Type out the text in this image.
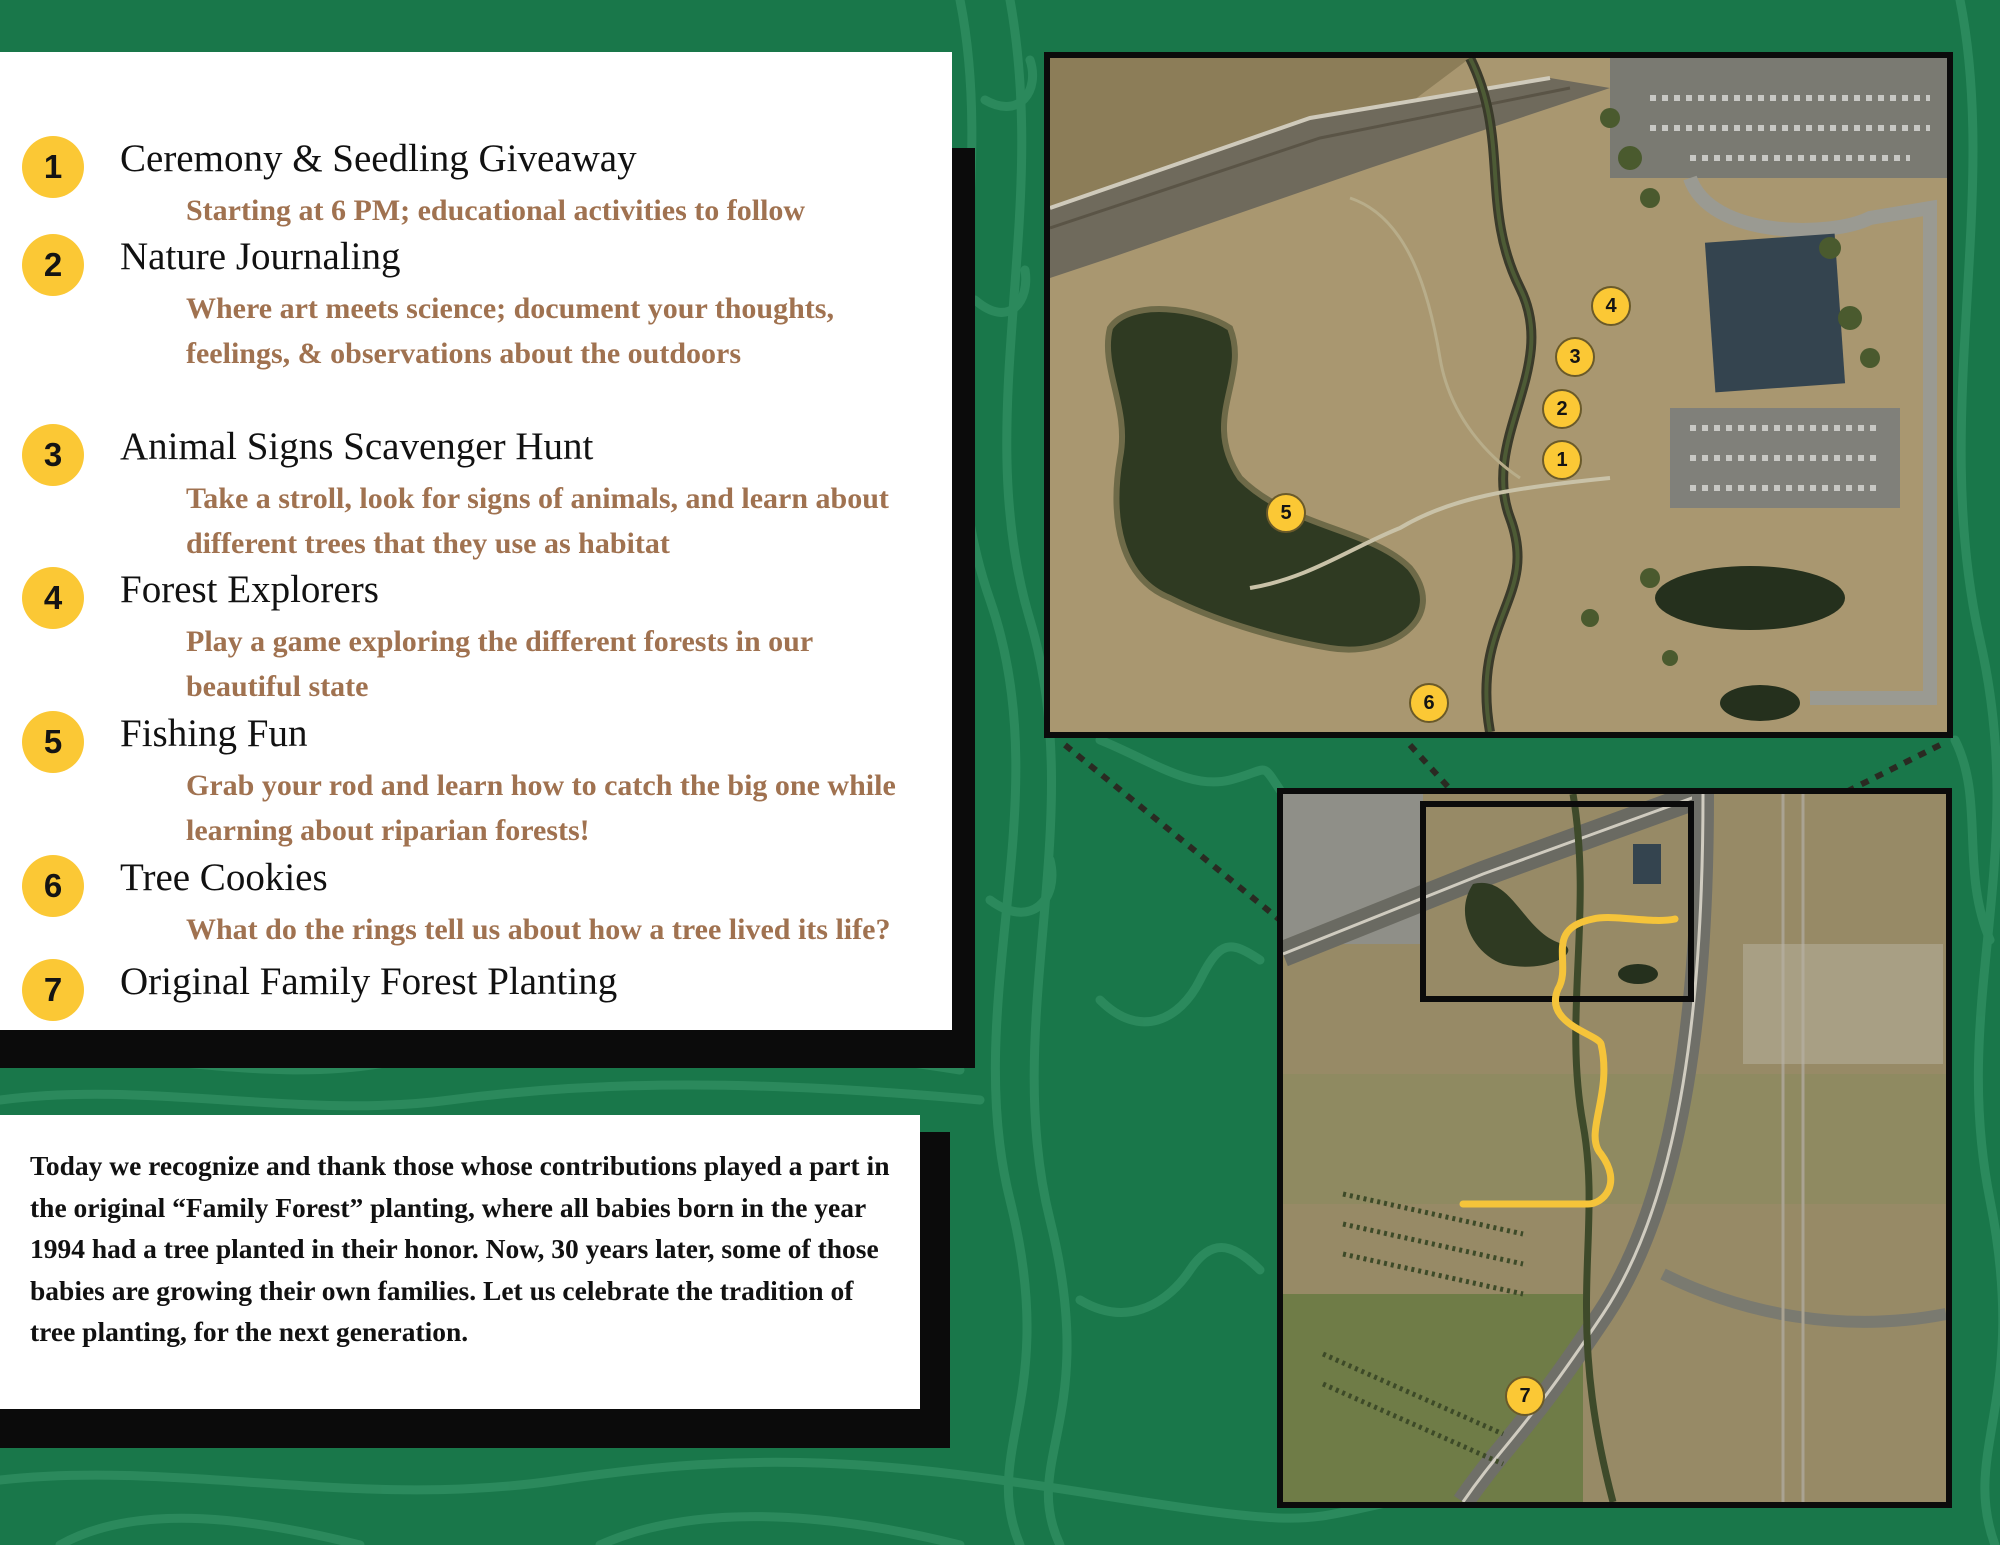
1	Ceremony & Seedling Giveaway

Starting at 6 PM; educational activities to follow

2	Nature Journaling

Where art meets science; document your thoughts, feelings, & observations about the outdoors

3	Animal Signs Scavenger Hunt

Take a stroll, look for signs of animals, and learn about different trees that they use as habitat

4	Forest Explorers

Play a game exploring the different forests in our beautiful state

5	Fishing Fun

Grab your rod and learn how to catch the big one while learning about riparian forests!

6	Tree Cookies

What do the rings tell us about how a tree lived its life?

7	Original Family Forest Planting

Today we recognize and thank those whose contributions played a part in the original “Family Forest” planting, where all babies born in the year 1994 had a tree planted in their honor. Now, 30 years later, some of those babies are growing their own families. Let us celebrate the tradition of tree planting, for the next generation.

1
2
3
4
5
6
7
